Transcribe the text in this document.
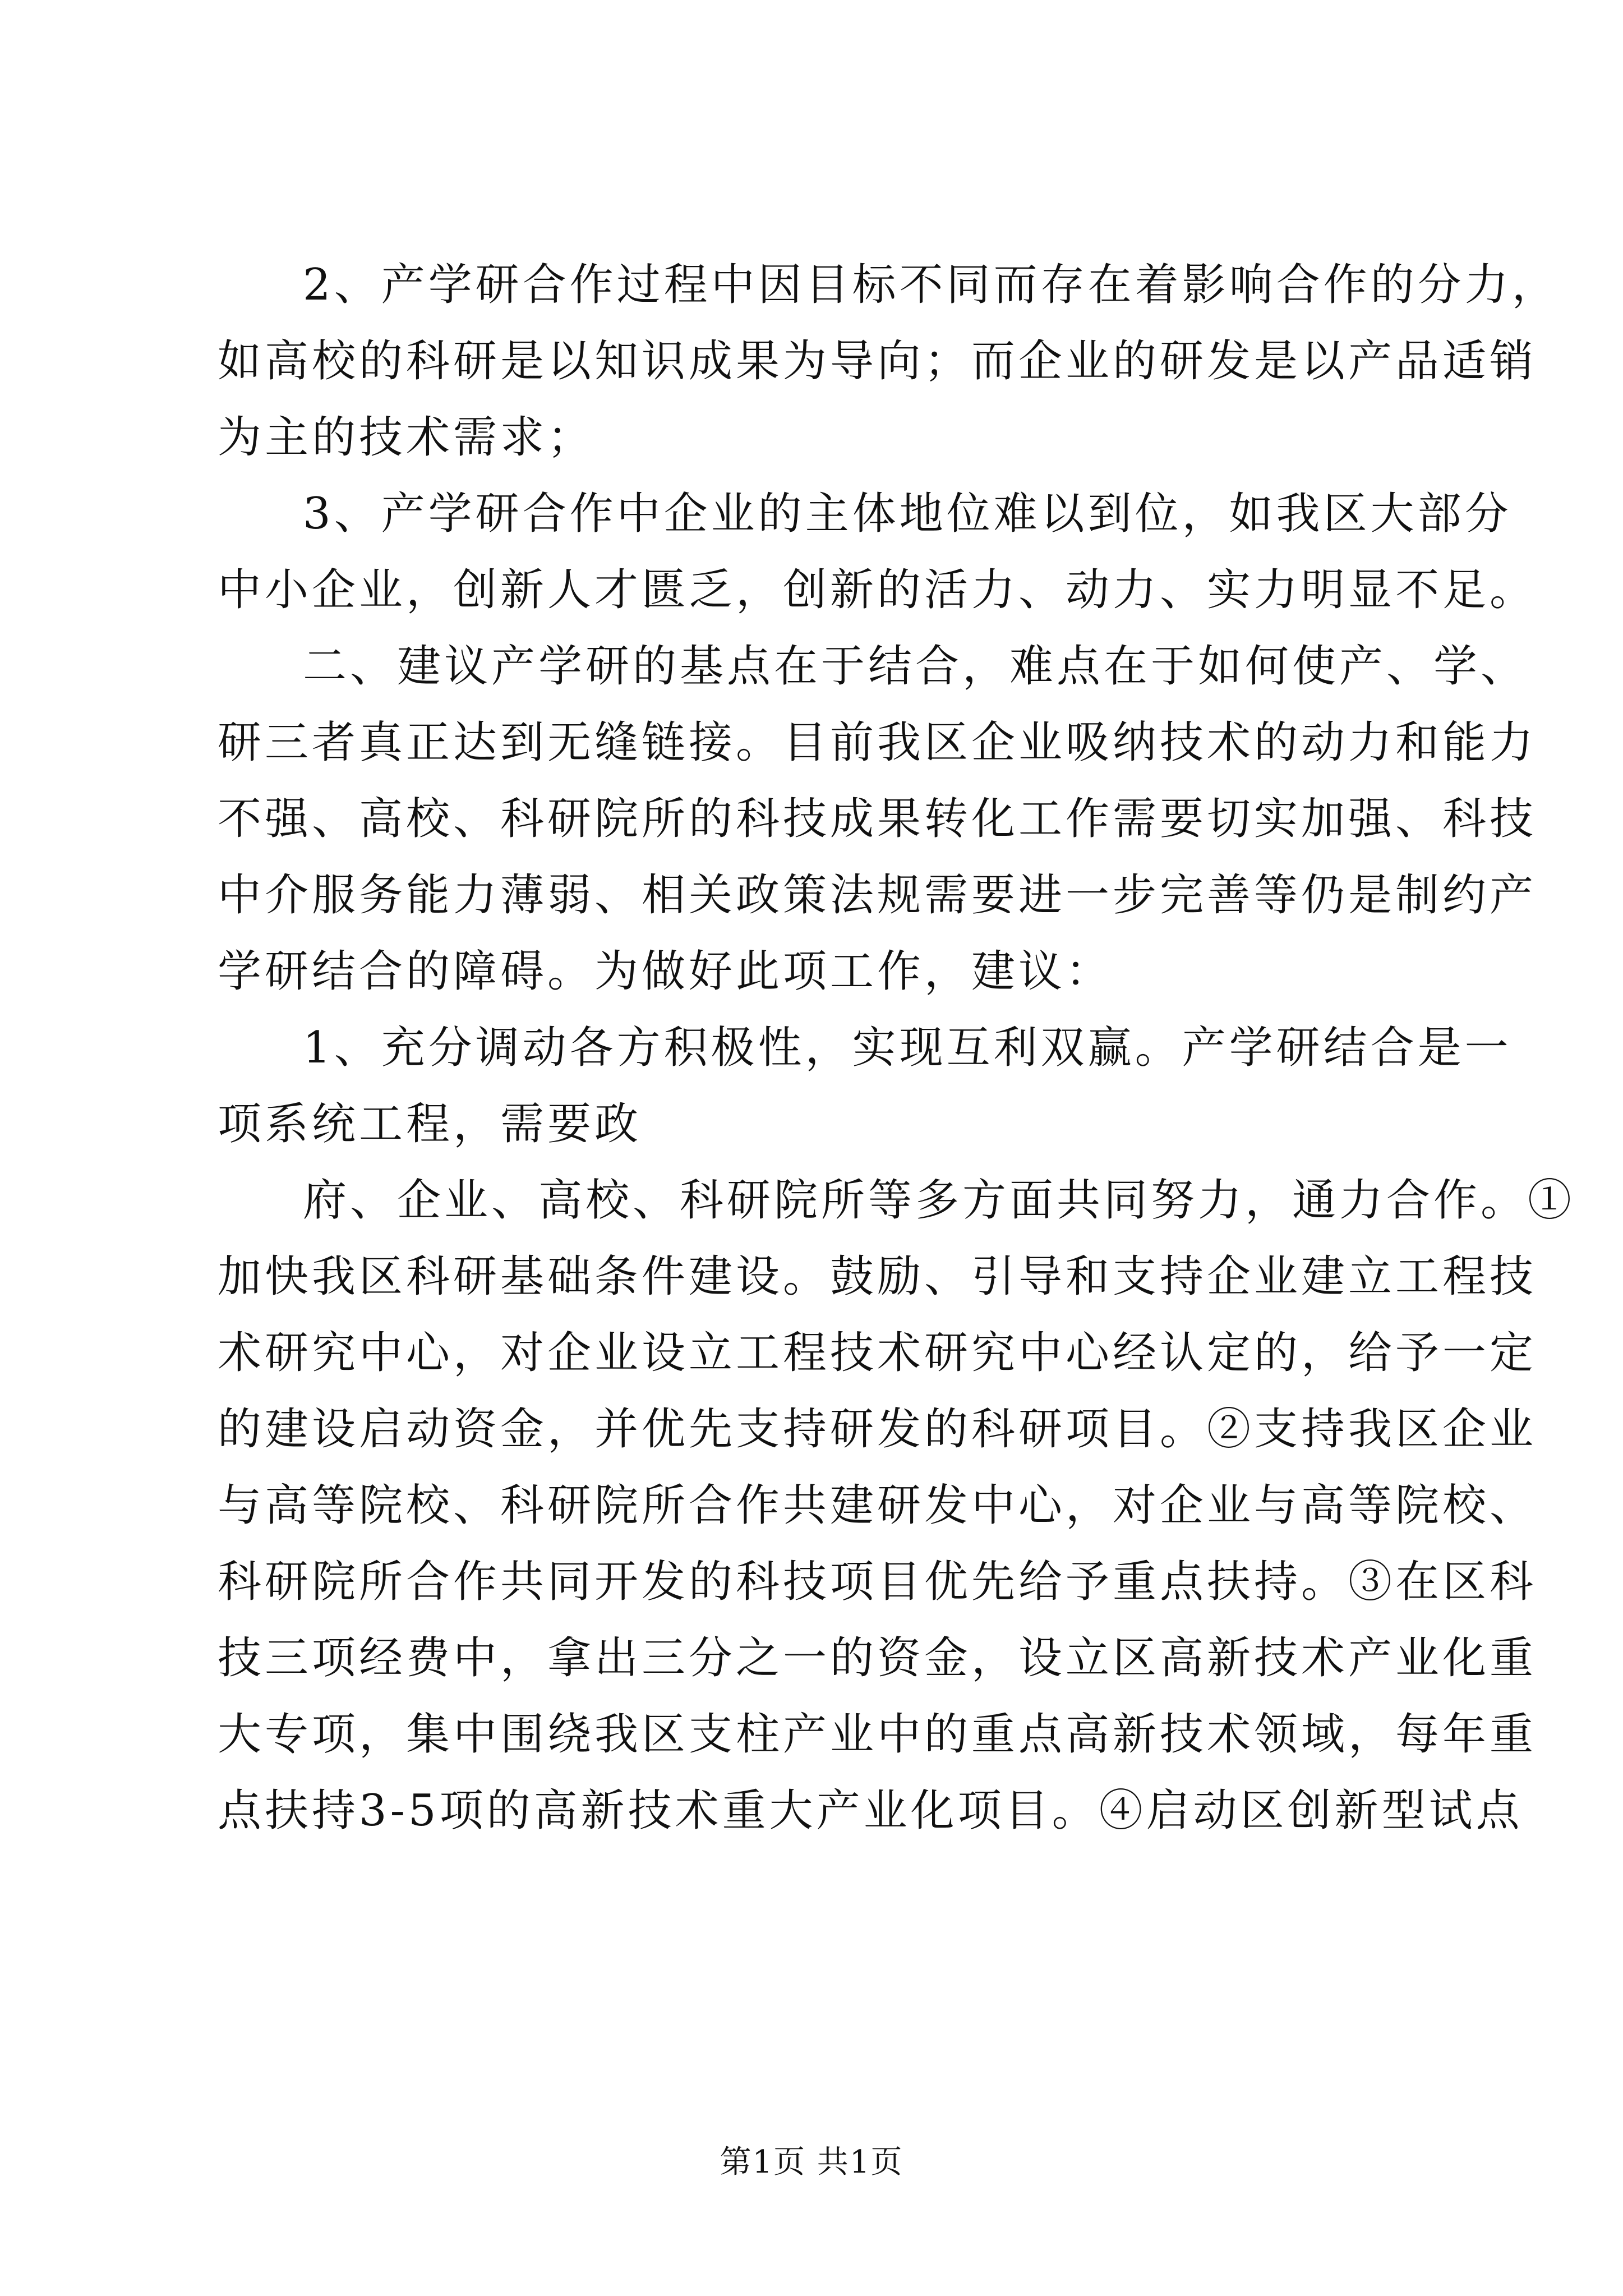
2、产学研合作过程中因目标不同而存在着影响合作的分力，
如高校的科研是以知识成果为导向；而企业的研发是以产品适销
为主的技术需求；

3、产学研合作中企业的主体地位难以到位，如我区大部分
中小企业，创新人才匮乏，创新的活力、动力、实力明显不足。

二、建议产学研的基点在于结合，难点在于如何使产、学、
研三者真正达到无缝链接。目前我区企业吸纳技术的动力和能力
不强、高校、科研院所的科技成果转化工作需要切实加强、科技
中介服务能力薄弱、相关政策法规需要进一步完善等仍是制约产
学研结合的障碍。为做好此项工作，建议：

1、充分调动各方积极性，实现互利双赢。产学研结合是一
项系统工程，需要政

府、企业、高校、科研院所等多方面共同努力，通力合作。①
加快我区科研基础条件建设。鼓励、引导和支持企业建立工程技
术研究中心，对企业设立工程技术研究中心经认定的，给予一定
的建设启动资金，并优先支持研发的科研项目。②支持我区企业
与高等院校、科研院所合作共建研发中心，对企业与高等院校、
科研院所合作共同开发的科技项目优先给予重点扶持。③在区科
技三项经费中，拿出三分之一的资金，设立区高新技术产业化重
大专项，集中围绕我区支柱产业中的重点高新技术领域，每年重
点扶持3-5项的高新技术重大产业化项目。④启动区创新型试点

第1页 共1页
